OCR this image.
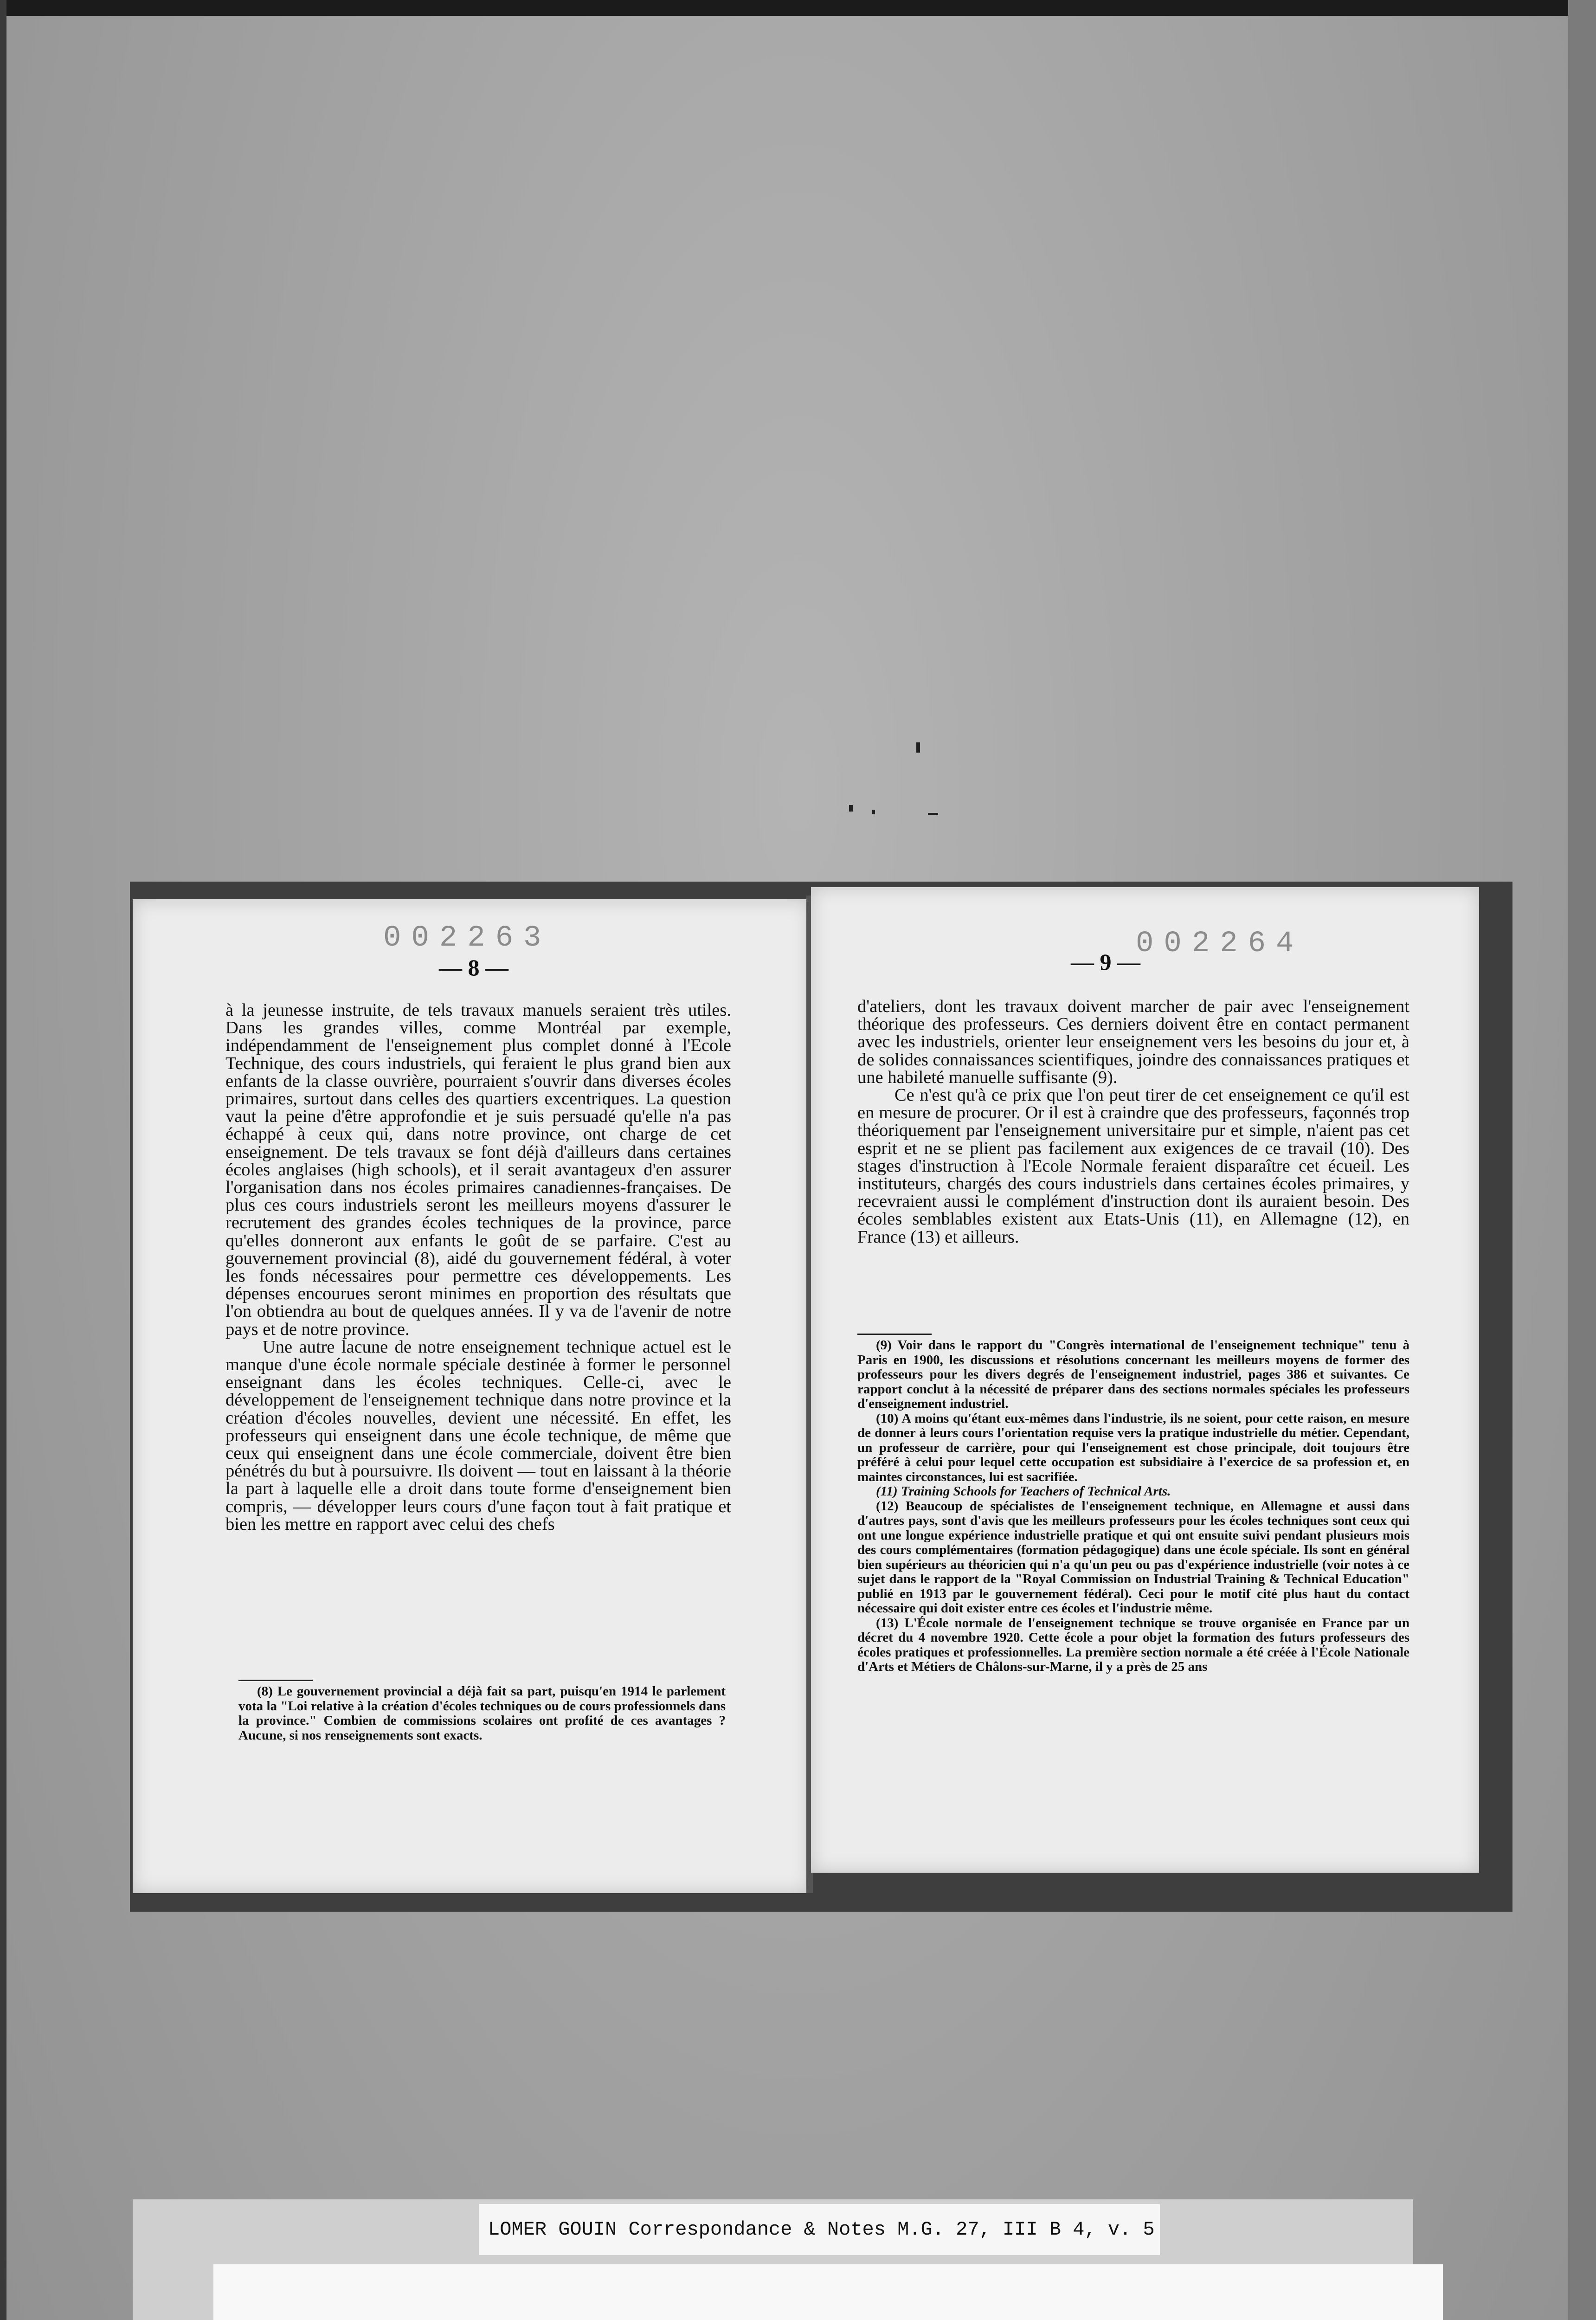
002263
— 8 —

à la jeunesse instruite, de tels travaux manuels seraient très utiles. Dans les grandes villes, comme Montréal par exemple, indépendamment de l'enseignement plus complet donné à l'Ecole Technique, des cours industriels, qui feraient le plus grand bien aux enfants de la classe ouvrière, pourraient s'ouvrir dans diverses écoles primaires, surtout dans celles des quartiers excentriques. La question vaut la peine d'être approfondie et je suis persuadé qu'elle n'a pas échappé à ceux qui, dans notre province, ont charge de cet enseignement. De tels travaux se font déjà d'ailleurs dans certaines écoles anglaises (high schools), et il serait avantageux d'en assurer l'organisation dans nos écoles primaires canadiennes-françaises. De plus ces cours industriels seront les meilleurs moyens d'assurer le recrutement des grandes écoles techniques de la province, parce qu'elles donneront aux enfants le goût de se parfaire. C'est au gouvernement provincial (8), aidé du gouvernement fédéral, à voter les fonds nécessaires pour permettre ces développements. Les dépenses encourues seront minimes en proportion des résultats que l'on obtiendra au bout de quelques années. Il y va de l'avenir de notre pays et de notre province.

Une autre lacune de notre enseignement technique actuel est le manque d'une école normale spéciale destinée à former le personnel enseignant dans les écoles techniques. Celle-ci, avec le développement de l'enseignement technique dans notre province et la création d'écoles nouvelles, devient une nécessité. En effet, les professeurs qui enseignent dans une école technique, de même que ceux qui enseignent dans une école commerciale, doivent être bien pénétrés du but à poursuivre. Ils doivent — tout en laissant à la théorie la part à laquelle elle a droit dans toute forme d'enseignement bien compris, — développer leurs cours d'une façon tout à fait pratique et bien les mettre en rapport avec celui des chefs

(8) Le gouvernement provincial a déjà fait sa part, puisqu'en 1914 le parlement vota la "Loi relative à la création d'écoles techniques ou de cours professionnels dans la province." Combien de commissions scolaires ont profité de ces avantages ? Aucune, si nos renseignements sont exacts.

002264
— 9 —

d'ateliers, dont les travaux doivent marcher de pair avec l'enseignement théorique des professeurs. Ces derniers doivent être en contact permanent avec les industriels, orienter leur enseignement vers les besoins du jour et, à de solides connaissances scientifiques, joindre des connaissances pratiques et une habileté manuelle suffisante (9).

Ce n'est qu'à ce prix que l'on peut tirer de cet enseignement ce qu'il est en mesure de procurer. Or il est à craindre que des professeurs, façonnés trop théoriquement par l'enseignement universitaire pur et simple, n'aient pas cet esprit et ne se plient pas facilement aux exigences de ce travail (10). Des stages d'instruction à l'Ecole Normale feraient disparaître cet écueil. Les instituteurs, chargés des cours industriels dans certaines écoles primaires, y recevraient aussi le complément d'instruction dont ils auraient besoin. Des écoles semblables existent aux Etats-Unis (11), en Allemagne (12), en France (13) et ailleurs.

(9) Voir dans le rapport du "Congrès international de l'enseignement technique" tenu à Paris en 1900, les discussions et résolutions concernant les meilleurs moyens de former des professeurs pour les divers degrés de l'enseignement industriel, pages 386 et suivantes. Ce rapport conclut à la nécessité de préparer dans des sections normales spéciales les professeurs d'enseignement industriel.

(10) A moins qu'étant eux-mêmes dans l'industrie, ils ne soient, pour cette raison, en mesure de donner à leurs cours l'orientation requise vers la pratique industrielle du métier. Cependant, un professeur de carrière, pour qui l'enseignement est chose principale, doit toujours être préféré à celui pour lequel cette occupation est subsidiaire à l'exercice de sa profession et, en maintes circonstances, lui est sacrifiée.

(11) Training Schools for Teachers of Technical Arts.

(12) Beaucoup de spécialistes de l'enseignement technique, en Allemagne et aussi dans d'autres pays, sont d'avis que les meilleurs professeurs pour les écoles techniques sont ceux qui ont une longue expérience industrielle pratique et qui ont ensuite suivi pendant plusieurs mois des cours complémentaires (formation pédagogique) dans une école spéciale. Ils sont en général bien supérieurs au théoricien qui n'a qu'un peu ou pas d'expérience industrielle (voir notes à ce sujet dans le rapport de la "Royal Commission on Industrial Training & Technical Education" publié en 1913 par le gouvernement fédéral). Ceci pour le motif cité plus haut du contact nécessaire qui doit exister entre ces écoles et l'industrie même.

(13) L'École normale de l'enseignement technique se trouve organisée en France par un décret du 4 novembre 1920. Cette école a pour objet la formation des futurs professeurs des écoles pratiques et professionnelles. La première section normale a été créée à l'École Nationale d'Arts et Métiers de Châlons-sur-Marne, il y a près de 25 ans

LOMER GOUIN Correspondance & Notes M.G. 27, III B 4, v. 5
